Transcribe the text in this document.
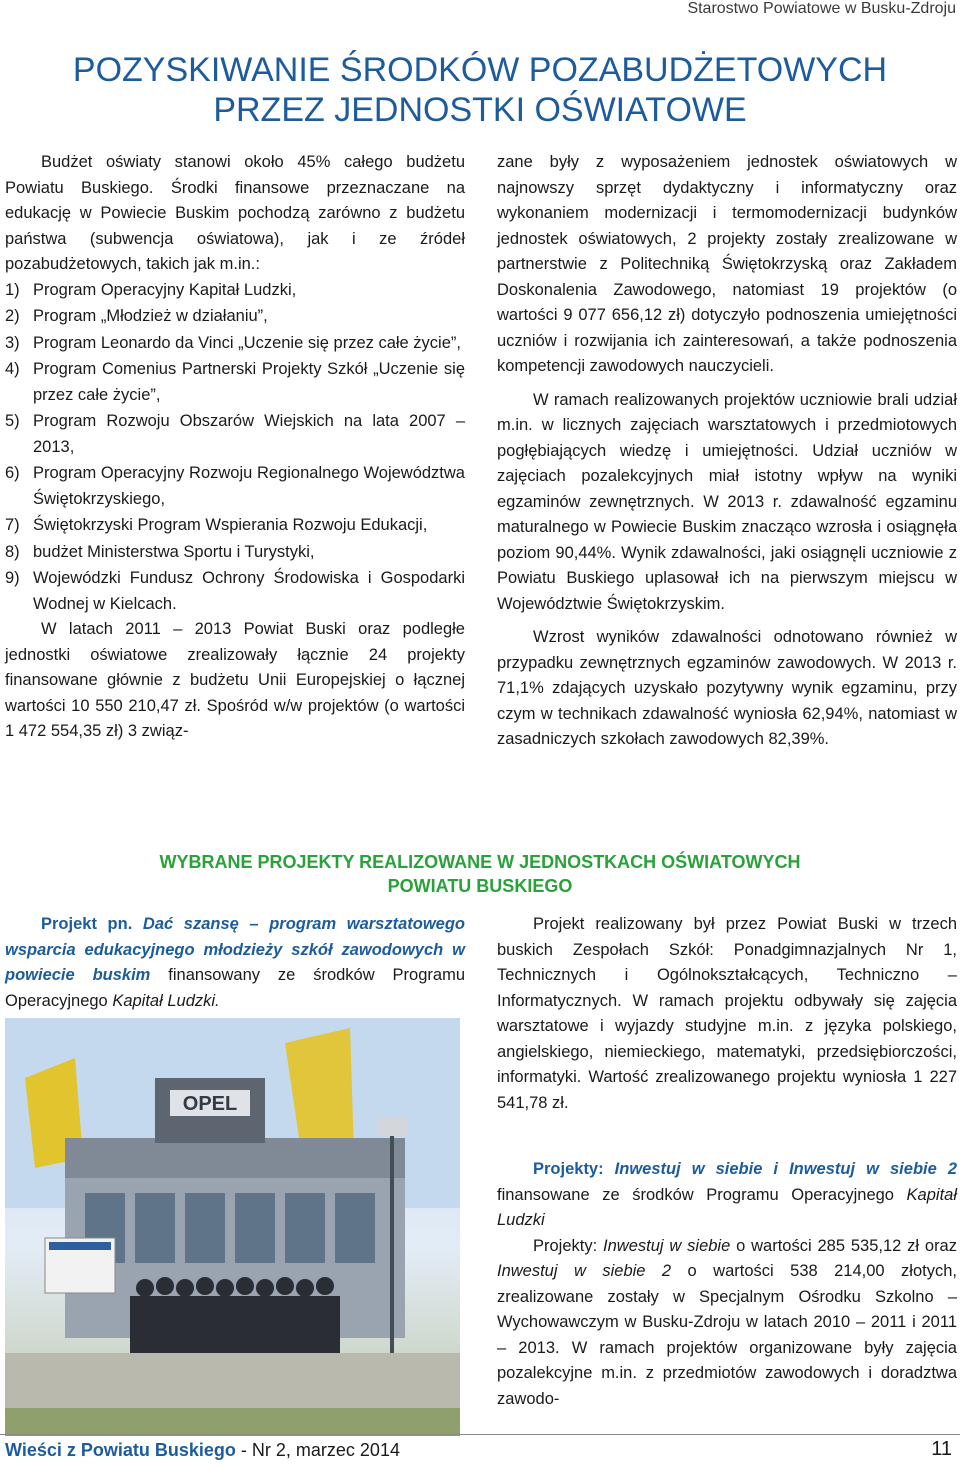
Starostwo Powiatowe w Busku-Zdroju
POZYSKIWANIE ŚRODKÓW POZABUDŻETOWYCH
PRZEZ JEDNOSTKI OŚWIATOWE

Budżet oświaty stanowi około 45% całego budżetu Powiatu Buskiego. Środki finansowe przeznaczane na edukację w Powiecie Buskim pochodzą zarówno z budżetu państwa (subwencja oświatowa), jak i ze źródeł pozabudżetowych, takich jak m.in.:

1) Program Operacyjny Kapitał Ludzki,
2) Program „Młodzież w działaniu”,
3) Program Leonardo da Vinci „Uczenie się przez całe życie”,
4) Program Comenius Partnerski Projekty Szkół „Uczenie się przez całe życie”,
5) Program Rozwoju Obszarów Wiejskich na lata 2007 – 2013,
6) Program Operacyjny Rozwoju Regionalnego Województwa Świętokrzyskiego,
7) Świętokrzyski Program Wspierania Rozwoju Edukacji,
8) budżet Ministerstwa Sportu i Turystyki,
9) Wojewódzki Fundusz Ochrony Środowiska i Gospodarki Wodnej w Kielcach.

W latach 2011 – 2013 Powiat Buski oraz podległe jednostki oświatowe zrealizowały łącznie 24 projekty finansowane głównie z budżetu Unii Europejskiej o łącznej wartości 10 550 210,47 zł. Spośród w/w projektów (o wartości 1 472 554,35 zł) 3 związ-

zane były z wyposażeniem jednostek oświatowych w najnowszy sprzęt dydaktyczny i informatyczny oraz wykonaniem modernizacji i termomodernizacji budynków jednostek oświatowych, 2 projekty zostały zrealizowane w partnerstwie z Politechniką Świętokrzyską oraz Zakładem Doskonalenia Zawodowego, natomiast 19 projektów (o wartości 9 077 656,12 zł) dotyczyło podnoszenia umiejętności uczniów i rozwijania ich zainteresowań, a także podnoszenia kompetencji zawodowych nauczycieli.

W ramach realizowanych projektów uczniowie brali udział m.in. w licznych zajęciach warsztatowych i przedmiotowych pogłębiających wiedzę i umiejętności. Udział uczniów w zajęciach pozalekcyjnych miał istotny wpływ na wyniki egzaminów zewnętrznych. W 2013 r. zdawalność egzaminu maturalnego w Powiecie Buskim znacząco wzrosła i osiągnęła poziom 90,44%. Wynik zdawalności, jaki osiągnęli uczniowie z Powiatu Buskiego uplasował ich na pierwszym miejscu w Województwie Świętokrzyskim.

Wzrost wyników zdawalności odnotowano również w przypadku zewnętrznych egzaminów zawodowych. W 2013 r. 71,1% zdających uzyskało pozytywny wynik egzaminu, przy czym w technikach zdawalność wyniosła 62,94%, natomiast w zasadniczych szkołach zawodowych 82,39%.

WYBRANE PROJEKTY REALIZOWANE W JEDNOSTKACH OŚWIATOWYCH
POWIATU BUSKIEGO

Projekt pn. Dać szansę – program warsztatowego wsparcia edukacyjnego młodzieży szkół zawodowych w powiecie buskim finansowany ze środków Programu Operacyjnego Kapitał Ludzki.

OPEL

Projekt realizowany był przez Powiat Buski w trzech buskich Zespołach Szkół: Ponadgimnazjalnych Nr 1, Technicznych i Ogólnokształcących, Techniczno – Informatycznych. W ramach projektu odbywały się zajęcia warsztatowe i wyjazdy studyjne m.in. z języka polskiego, angielskiego, niemieckiego, matematyki, przedsiębiorczości, informatyki. Wartość zrealizowanego projektu wyniosła 1 227 541,78 zł.

Projekty: Inwestuj w siebie i Inwestuj w siebie 2 finansowane ze środków Programu Operacyjnego Kapitał Ludzki

Projekty: Inwestuj w siebie o wartości 285 535,12 zł oraz Inwestuj w siebie 2 o wartości 538 214,00 złotych, zrealizowane zostały w Specjalnym Ośrodku Szkolno – Wychowawczym w Busku-Zdroju w latach 2010 – 2011 i 2011 – 2013. W ramach projektów organizowane były zajęcia pozalekcyjne m.in. z przedmiotów zawodowych i doradztwa zawodo-

Wieści z Powiatu Buskiego - Nr 2, marzec 2014	11
